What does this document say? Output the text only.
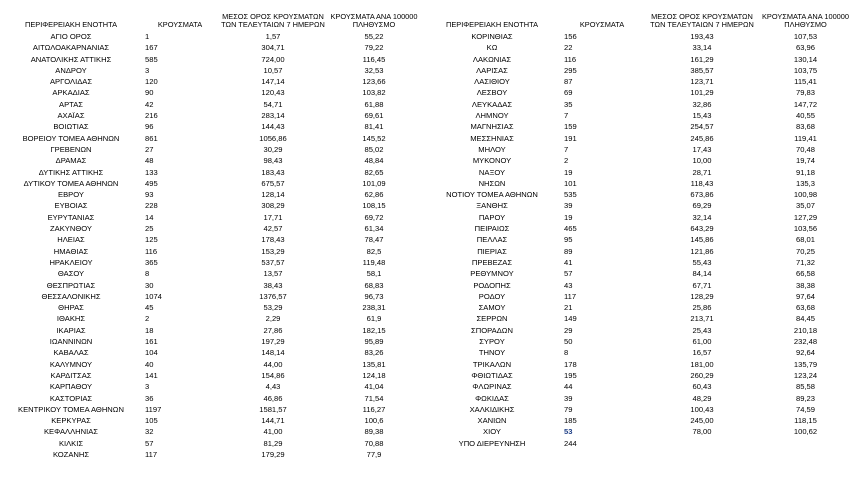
ΠΕΡΙΦΕΡΕΙΑΚΗ ΕΝΟΤΗΤΑ	ΚΡΟΥΣΜΑΤΑ	ΜΕΣΟΣ ΟΡΟΣ ΚΡΟΥΣΜΑΤΩΝ ΤΩΝ ΤΕΛΕΥΤΑΙΩΝ 7 ΗΜΕΡΩΝ	ΚΡΟΥΣΜΑΤΑ ΑΝΑ 100000 ΠΛΗΘΥΣΜΟ
ΑΓΙΟ ΟΡΟΣ	1	1,57	55,22
ΑΙΤΩΛΟΑΚΑΡΝΑΝΙΑΣ	167	304,71	79,22
ΑΝΑΤΟΛΙΚΗΣ ΑΤΤΙΚΗΣ	585	724,00	116,45
ΑΝΔΡΟΥ	3	10,57	32,53
ΑΡΓΟΛΙΔΑΣ	120	147,14	123,66
ΑΡΚΑΔΙΑΣ	90	120,43	103,82
ΑΡΤΑΣ	42	54,71	61,88
ΑΧΑΪΑΣ	216	283,14	69,61
ΒΟΙΩΤΙΑΣ	96	144,43	81,41
ΒΟΡΕΙΟΥ ΤΟΜΕΑ ΑΘΗΝΩΝ	861	1056,86	145,52
ΓΡΕΒΕΝΩΝ	27	30,29	85,02
ΔΡΑΜΑΣ	48	98,43	48,84
ΔΥΤΙΚΗΣ ΑΤΤΙΚΗΣ	133	183,43	82,65
ΔΥΤΙΚΟΥ ΤΟΜΕΑ ΑΘΗΝΩΝ	495	675,57	101,09
ΕΒΡΟΥ	93	128,14	62,86
ΕΥΒΟΙΑΣ	228	308,29	108,15
ΕΥΡΥΤΑΝΙΑΣ	14	17,71	69,72
ΖΑΚΥΝΘΟΥ	25	42,57	61,34
ΗΛΕΙΑΣ	125	178,43	78,47
ΗΜΑΘΙΑΣ	116	153,29	82,5
ΗΡΑΚΛΕΙΟΥ	365	537,57	119,48
ΘΑΣΟΥ	8	13,57	58,1
ΘΕΣΠΡΩΤΙΑΣ	30	38,43	68,83
ΘΕΣΣΑΛΟΝΙΚΗΣ	1074	1376,57	96,73
ΘΗΡΑΣ	45	53,29	238,31
ΙΘΑΚΗΣ	2	2,29	61,9
ΙΚΑΡΙΑΣ	18	27,86	182,15
ΙΩΑΝΝΙΝΩΝ	161	197,29	95,89
ΚΑΒΑΛΑΣ	104	148,14	83,26
ΚΑΛΥΜΝΟΥ	40	44,00	135,81
ΚΑΡΔΙΤΣΑΣ	141	154,86	124,18
ΚΑΡΠΑΘΟΥ	3	4,43	41,04
ΚΑΣΤΟΡΙΑΣ	36	46,86	71,54
ΚΕΝΤΡΙΚΟΥ ΤΟΜΕΑ ΑΘΗΝΩΝ	1197	1581,57	116,27
ΚΕΡΚΥΡΑΣ	105	144,71	100,6
ΚΕΦΑΛΛΗΝΙΑΣ	32	41,00	89,38
ΚΙΛΚΙΣ	57	81,29	70,88
ΚΟΖΑΝΗΣ	117	179,29	77,9
ΠΕΡΙΦΕΡΕΙΑΚΗ ΕΝΟΤΗΤΑ	ΚΡΟΥΣΜΑΤΑ	ΜΕΣΟΣ ΟΡΟΣ ΚΡΟΥΣΜΑΤΩΝ ΤΩΝ ΤΕΛΕΥΤΑΙΩΝ 7 ΗΜΕΡΩΝ	ΚΡΟΥΣΜΑΤΑ ΑΝΑ 100000 ΠΛΗΘΥΣΜΟ
ΚΟΡΙΝΘΙΑΣ	156	193,43	107,53
ΚΩ	22	33,14	63,96
ΛΑΚΩΝΙΑΣ	116	161,29	130,14
ΛΑΡΙΣΑΣ	295	385,57	103,75
ΛΑΣΙΘΙΟΥ	87	123,71	115,41
ΛΕΣΒΟΥ	69	101,29	79,83
ΛΕΥΚΑΔΑΣ	35	32,86	147,72
ΛΗΜΝΟΥ	7	15,43	40,55
ΜΑΓΝΗΣΙΑΣ	159	254,57	83,68
ΜΕΣΣΗΝΙΑΣ	191	245,86	119,41
ΜΗΛΟΥ	7	17,43	70,48
ΜΥΚΟΝΟΥ	2	10,00	19,74
ΝΑΞΟΥ	19	28,71	91,18
ΝΗΣΩΝ	101	118,43	135,3
ΝΟΤΙΟΥ ΤΟΜΕΑ ΑΘΗΝΩΝ	535	673,86	100,98
ΞΑΝΘΗΣ	39	69,29	35,07
ΠΑΡΟΥ	19	32,14	127,29
ΠΕΙΡΑΙΩΣ	465	643,29	103,56
ΠΕΛΛΑΣ	95	145,86	68,01
ΠΙΕΡΙΑΣ	89	121,86	70,25
ΠΡΕΒΕΖΑΣ	41	55,43	71,32
ΡΕΘΥΜΝΟΥ	57	84,14	66,58
ΡΟΔΟΠΗΣ	43	67,71	38,38
ΡΟΔΟΥ	117	128,29	97,64
ΣΑΜΟΥ	21	25,86	63,68
ΣΕΡΡΩΝ	149	213,71	84,45
ΣΠΟΡΑΔΩΝ	29	25,43	210,18
ΣΥΡΟΥ	50	61,00	232,48
ΤΗΝΟΥ	8	16,57	92,64
ΤΡΙΚΑΛΩΝ	178	181,00	135,79
ΦΘΙΩΤΙΔΑΣ	195	260,29	123,24
ΦΛΩΡΙΝΑΣ	44	60,43	85,58
ΦΩΚΙΔΑΣ	39	48,29	89,23
ΧΑΛΚΙΔΙΚΗΣ	79	100,43	74,59
ΧΑΝΙΩΝ	185	245,00	118,15
ΧΙΟΥ	53	78,00	100,62
ΥΠΟ ΔΙΕΡΕΥΝΗΣΗ	244		
